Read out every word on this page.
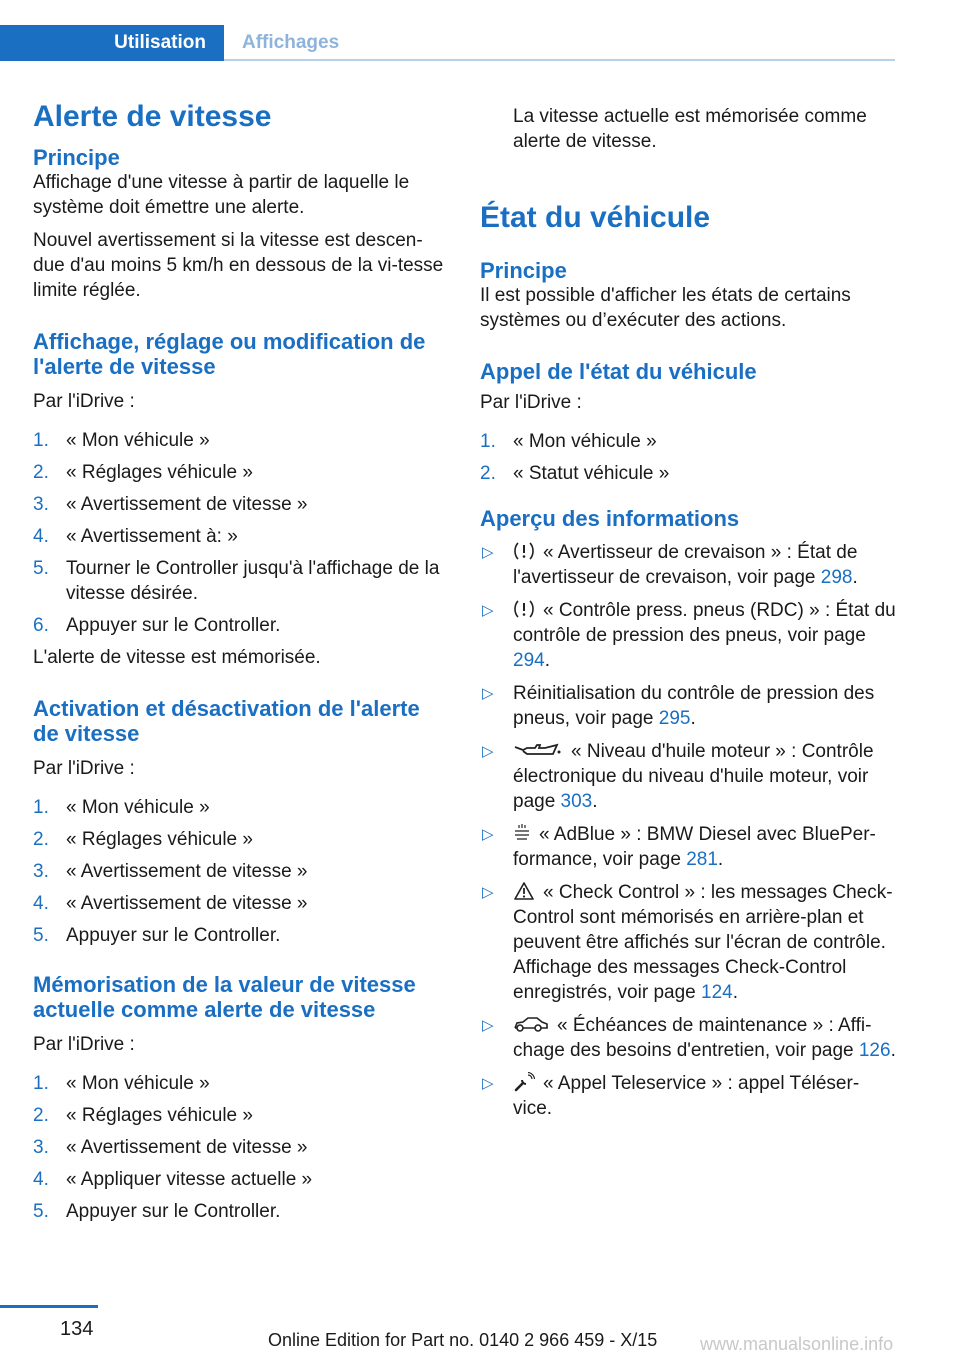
Utilisation	Affichages
Alerte de vitesse
Principe

Affichage d'une vitesse à partir de laquelle le système doit émettre une alerte.

Nouvel avertissement si la vitesse est descen‐due d'au moins 5 km/h en dessous de la vi‐tesse limite réglée.

Affichage, réglage ou modification de l'alerte de vitesse

Par l'iDrive :

1. « Mon véhicule »
2. « Réglages véhicule »
3. « Avertissement de vitesse »
4. « Avertissement à: »
5. Tourner le Controller jusqu'à l'affichage de la vitesse désirée.
6. Appuyer sur le Controller.

L'alerte de vitesse est mémorisée.

Activation et désactivation de l'alerte de vitesse

Par l'iDrive :

1. « Mon véhicule »
2. « Réglages véhicule »
3. « Avertissement de vitesse »
4. « Avertissement de vitesse »
5. Appuyer sur le Controller.
Mémorisation de la valeur de vitesse actuelle comme alerte de vitesse

Par l'iDrive :

1. « Mon véhicule »
2. « Réglages véhicule »
3. « Avertissement de vitesse »
4. « Appliquer vitesse actuelle »
5. Appuyer sur le Controller.

La vitesse actuelle est mémorisée comme alerte de vitesse.

État du véhicule
Principe

Il est possible d'afficher les états de certains systèmes ou d’exécuter des actions.

Appel de l'état du véhicule

Par l'iDrive :

1. « Mon véhicule »
2. « Statut véhicule »
Aperçu des informations
▷	« Avertisseur de crevaison » : État de l'avertisseur de crevaison, voir page 298.
▷	« Contrôle press. pneus (RDC) » : État du contrôle de pression des pneus, voir page 294.
▷ Réinitialisation du contrôle de pression des pneus, voir page 295.
▷	« Niveau d'huile moteur » : Contrôle électronique du niveau d'huile moteur, voir page 303.
▷ « AdBlue » : BMW Diesel avec BluePer‐formance, voir page 281.
▷	« Check Control » : les messages Check-Control sont mémorisés en arrière-plan et peuvent être affichés sur l'écran de contrôle. Affichage des messages Check-Control enregistrés, voir page 124.
▷	« Échéances de maintenance » : Affi‐chage des besoins d'entretien, voir page 126.
▷	« Appel Teleservice » : appel Téléser‐vice.
134	Online Edition for Part no. 0140 2 966 459 - X/15 www.manualsonline.info
